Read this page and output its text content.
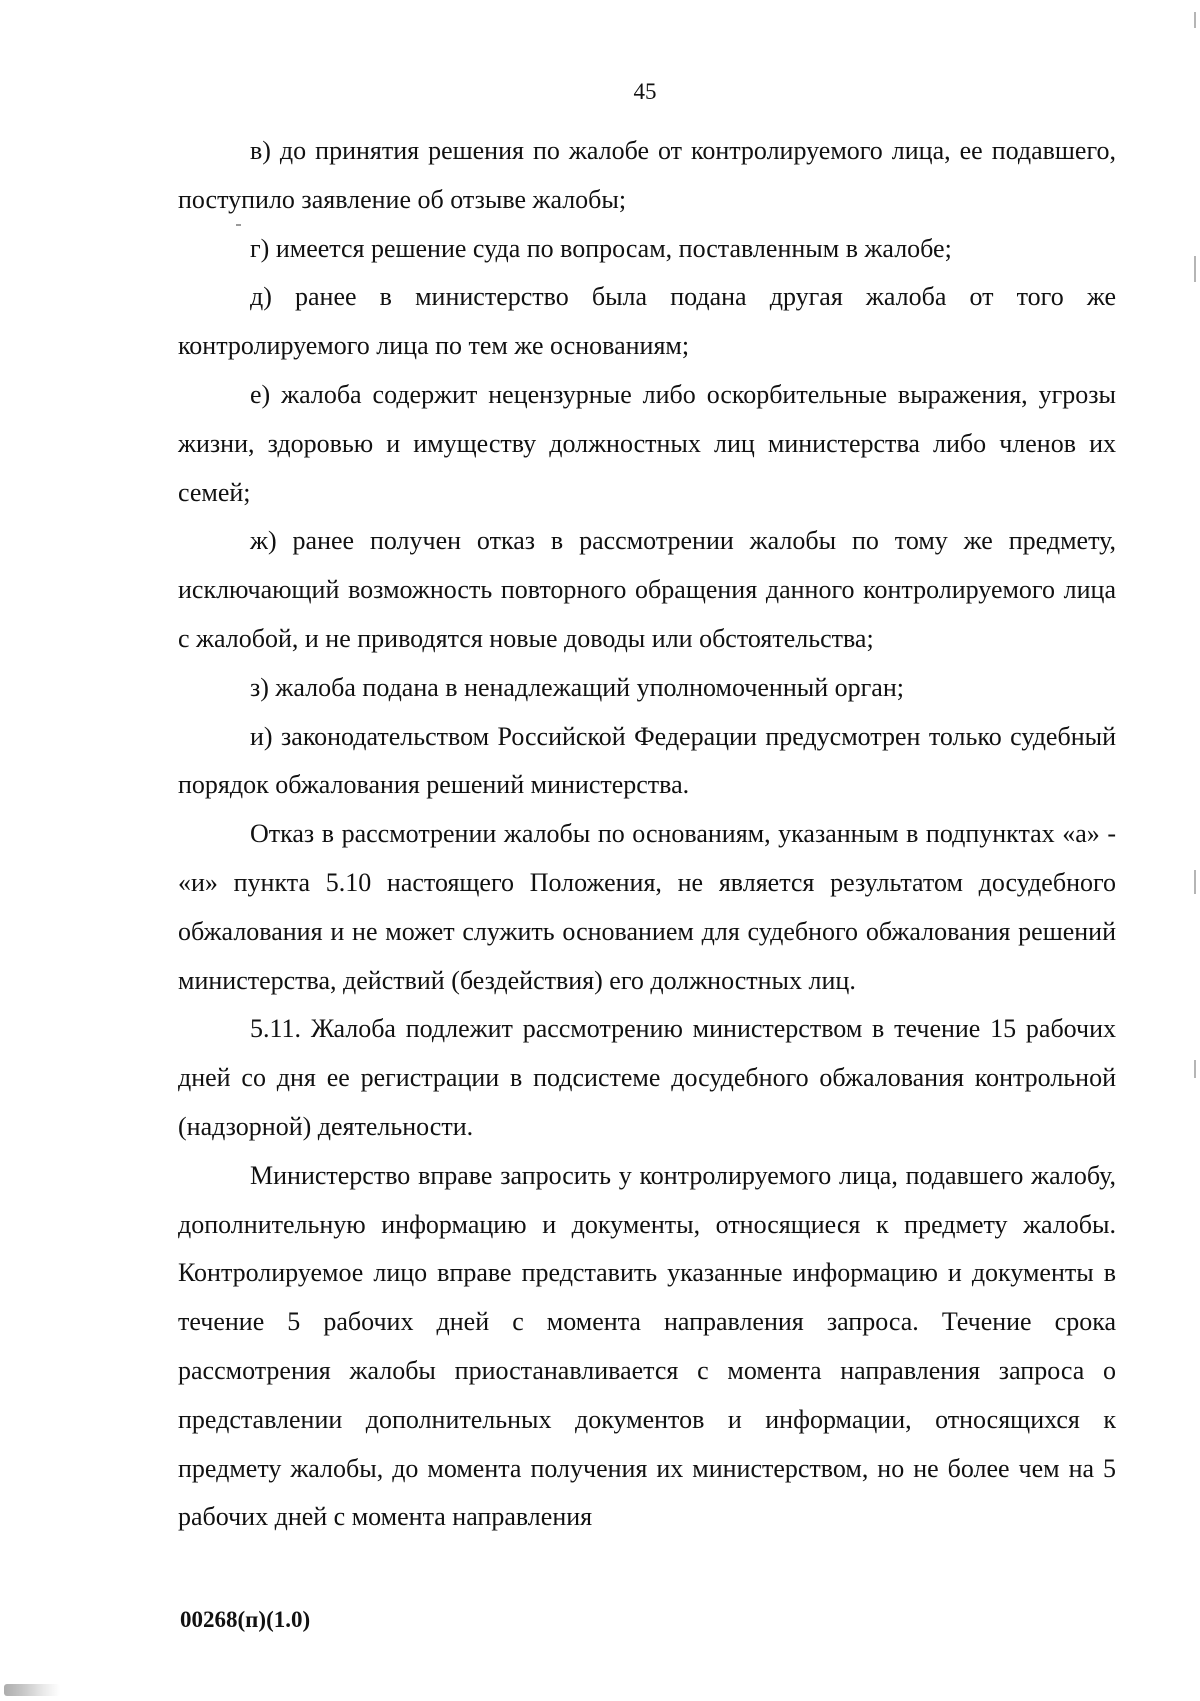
45

в) до принятия решения по жалобе от контролируемого лица, ее подавшего, поступило заявление об отзыве жалобы;

г) имеется решение суда по вопросам, поставленным в жалобе;

д) ранее в министерство была подана другая жалоба от того же контролируемого лица по тем же основаниям;

е) жалоба содержит нецензурные либо оскорбительные выражения, угрозы жизни, здоровью и имуществу должностных лиц министерства либо членов их семей;

ж) ранее получен отказ в рассмотрении жалобы по тому же предмету, исключающий возможность повторного обращения данного контролируемого лица с жалобой, и не приводятся новые доводы или обстоятельства;

з) жалоба подана в ненадлежащий уполномоченный орган;

и) законодательством Российской Федерации предусмотрен только судебный порядок обжалования решений министерства.

Отказ в рассмотрении жалобы по основаниям, указанным в подпунктах «а» - «и» пункта 5.10 настоящего Положения, не является результатом досудебного обжалования и не может служить основанием для судебного обжалования решений министерства, действий (бездействия) его должностных лиц.

5.11. Жалоба подлежит рассмотрению министерством в течение 15 рабочих дней со дня ее регистрации в подсистеме досудебного обжалования контрольной (надзорной) деятельности.

Министерство вправе запросить у контролируемого лица, подавшего жалобу, дополнительную информацию и документы, относящиеся к предмету жалобы. Контролируемое лицо вправе представить указанные информацию и документы в течение 5 рабочих дней с момента направления запроса. Течение срока рассмотрения жалобы приостанавливается с момента направления запроса о представлении дополнительных документов и информации, относящихся к предмету жалобы, до момента получения их министерством, но не более чем на 5 рабочих дней с момента направления

00268(п)(1.0)
